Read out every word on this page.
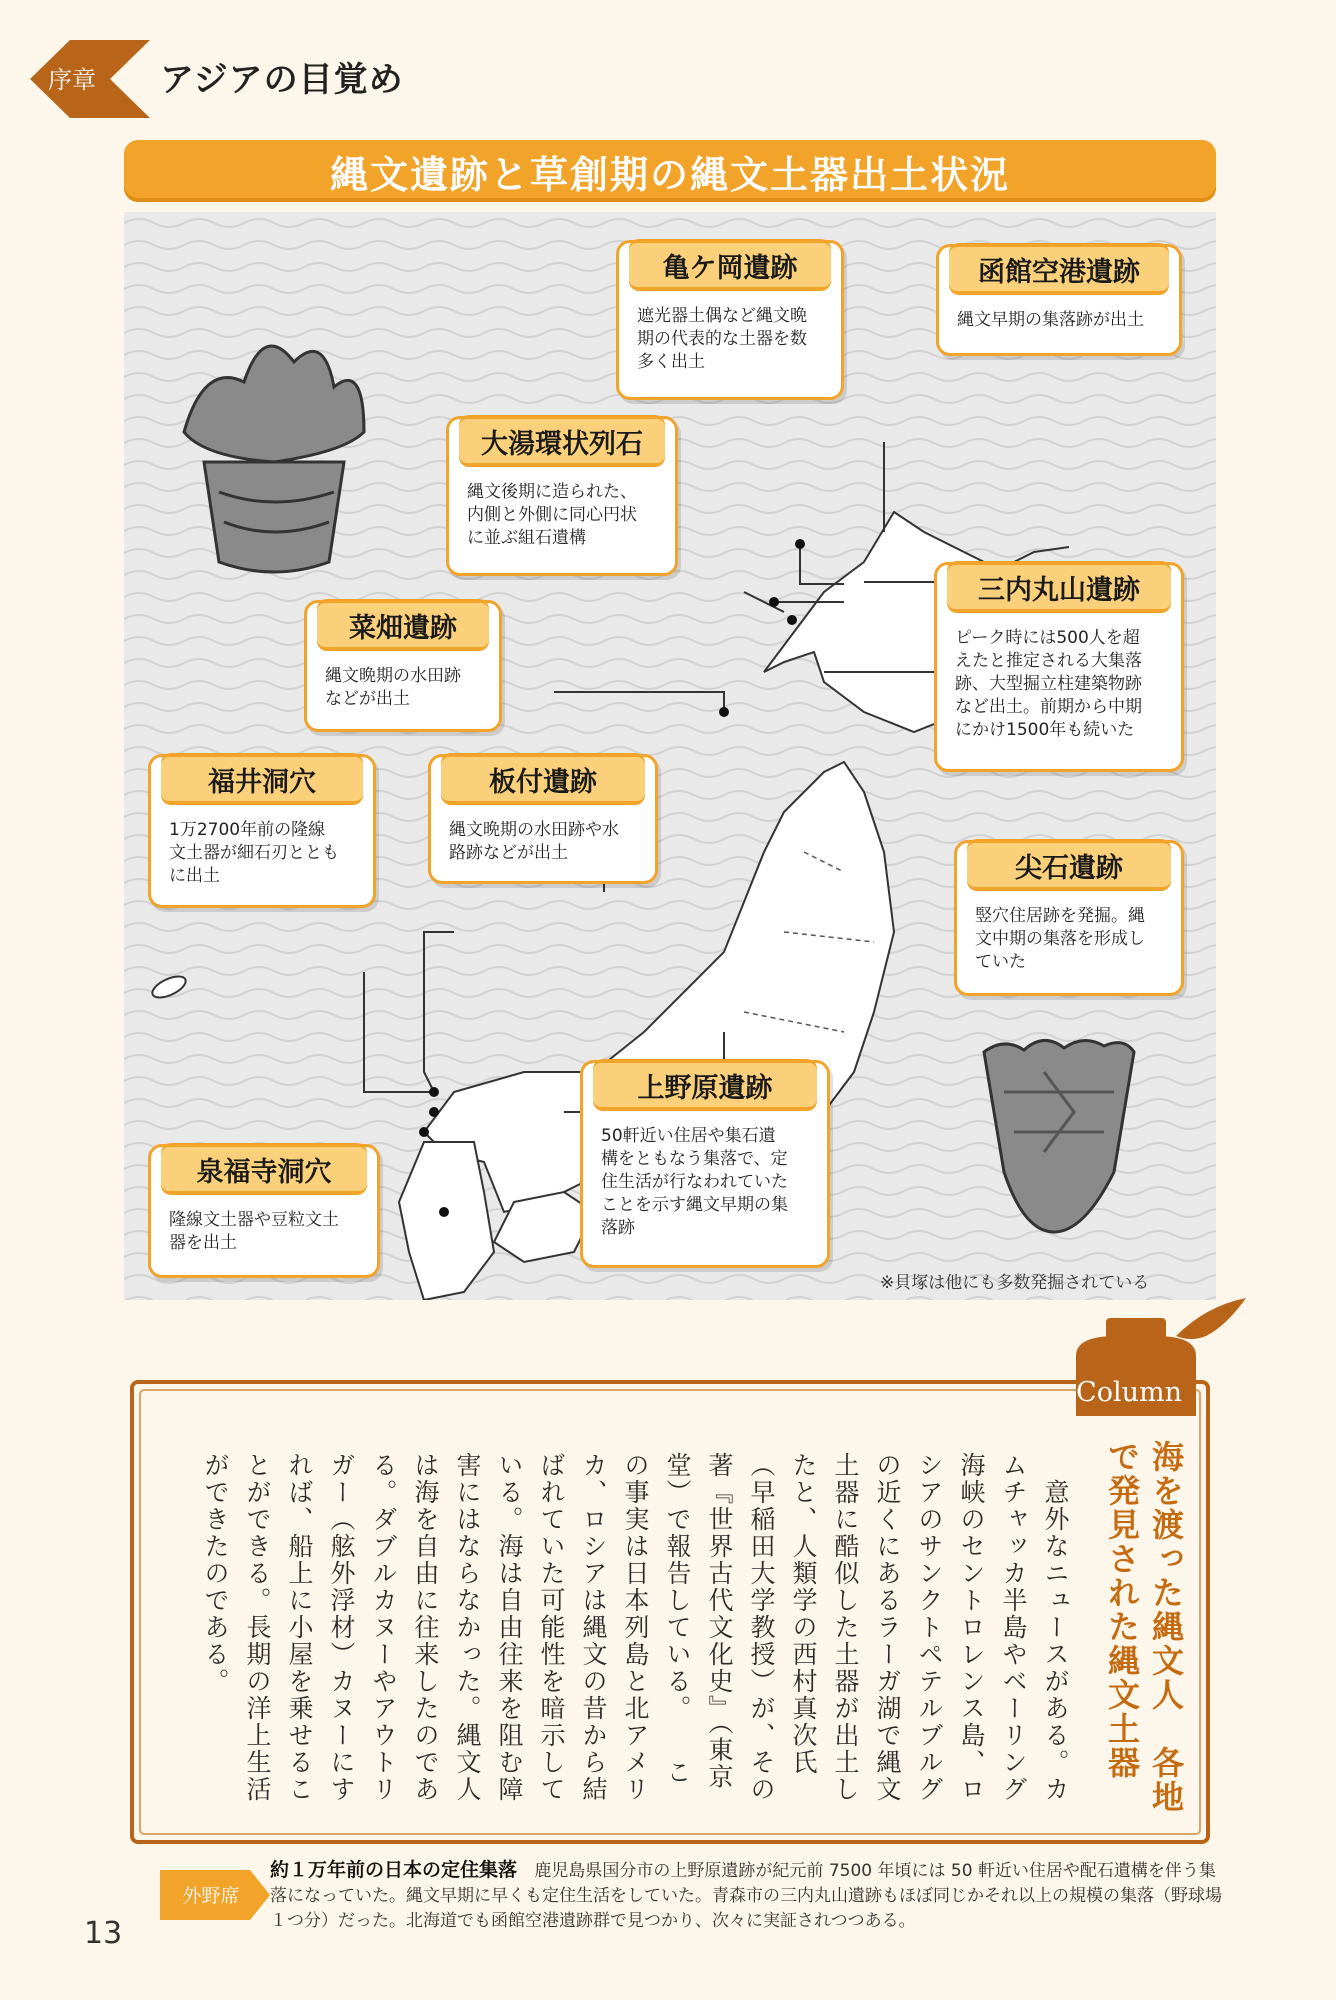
序章 アジアの目覚め
縄文遺跡と草創期の縄文土器出土状況
亀ケ岡遺跡
遮光器土偶など縄文晩
期の代表的な土器を数
多く出土
函館空港遺跡
縄文早期の集落跡が出土
大湯環状列石
縄文後期に造られた、
内側と外側に同心円状
に並ぶ組石遺構
三内丸山遺跡
ピーク時には500人を超
えたと推定される大集落
跡、大型掘立柱建築物跡
など出土。前期から中期
にかけ1500年も続いた
菜畑遺跡
縄文晩期の水田跡
などが出土
福井洞穴
1万2700年前の隆線
文土器が細石刃ととも
に出土
板付遺跡
縄文晩期の水田跡や水
路跡などが出土	尖石遺跡
竪穴住居跡を発掘。縄
文中期の集落を形成し
ていた
上野原遺跡
50軒近い住居や集石遺
構をともなう集落で、定
住生活が行なわれていた
ことを示す縄文早期の集
落跡
泉福寺洞穴
隆線文土器や豆粒文土
器を出土
※貝塚は他にも多数発掘されている
Column
海を渡った縄文人　各地で発見された縄文土器
　意外なニュースがある。カムチャッカ半島やベーリング海峡のセントロレンス島、ロシアのサンクトペテルブルグの近くにあるラーガ湖で縄文土器に酷似した土器が出土したと、人類学の西村真次氏（早稲田大学教授）が、その著『世界古代文化史』（東京堂）で報告している。 　この事実は日本列島と北アメリカ、ロシアは縄文の昔から結ばれていた可能性を暗示している。海は自由往来を阻む障害にはならなかった。縄文人は海を自由に往来したのである。ダブルカヌーやアウトリガー（舷外浮材）カヌーにすれば、船上に小屋を乗せることができる。長期の洋上生活ができたのである。
外野席
約１万年前の日本の定住集落 鹿児島県国分市の上野原遺跡が紀元前 7500 年頃には 50 軒近い住居や配石遺構を伴う集落になっていた。縄文早期に早くも定住生活をしていた。青森市の三内丸山遺跡もほぼ同じかそれ以上の規模の集落（野球場１つ分）だった。北海道でも函館空港遺跡群で見つかり、次々に実証されつつある。
13
